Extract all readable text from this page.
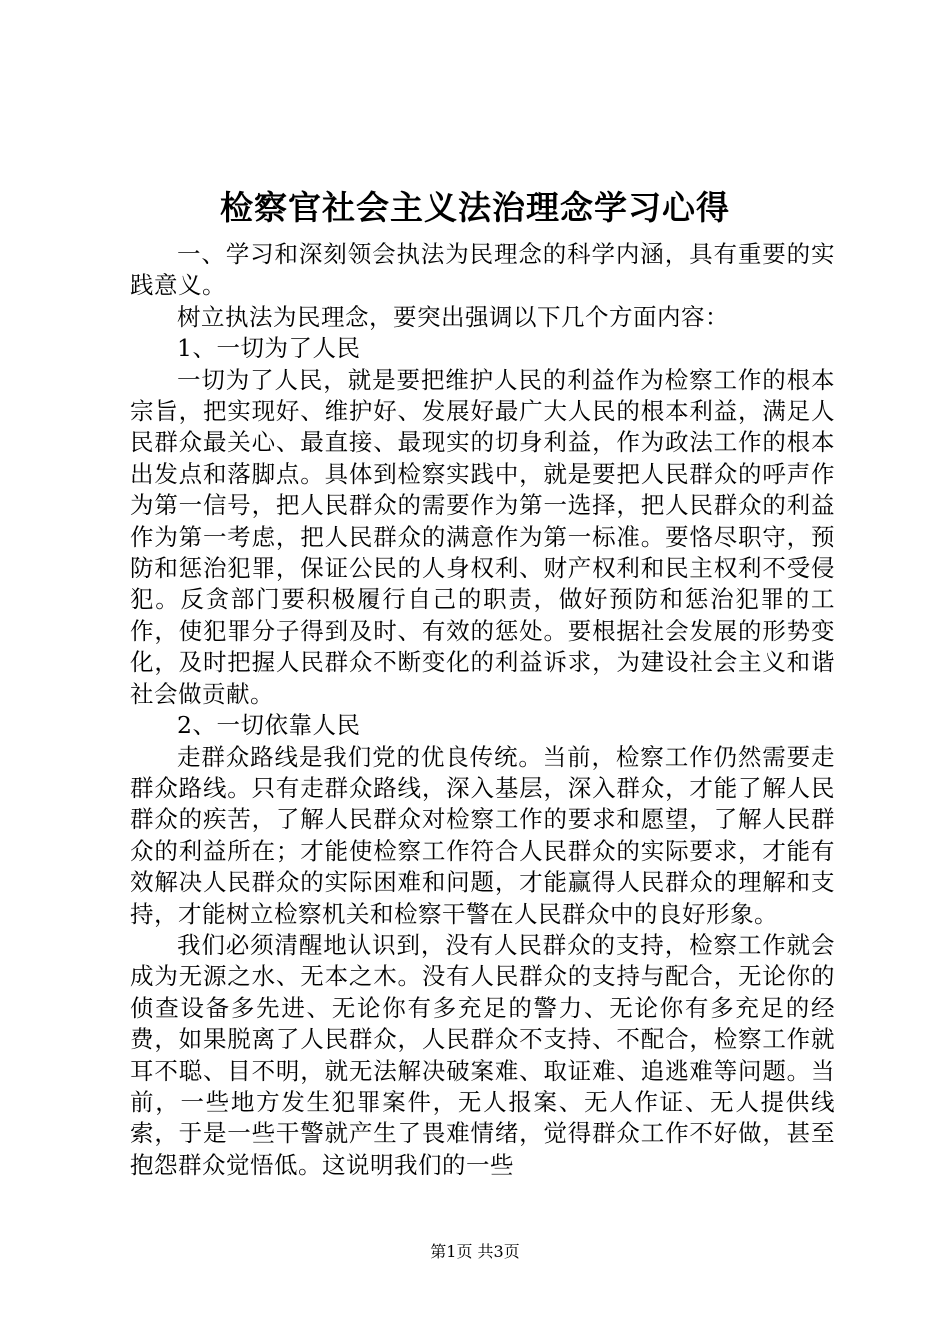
检察官社会主义法治理念学习心得

一、学习和深刻领会执法为民理念的科学内涵，具有重要的实践意义。

树立执法为民理念，要突出强调以下几个方面内容：

1、一切为了人民

一切为了人民，就是要把维护人民的利益作为检察工作的根本宗旨，把实现好、维护好、发展好最广大人民的根本利益，满足人民群众最关心、最直接、最现实的切身利益，作为政法工作的根本出发点和落脚点。具体到检察实践中，就是要把人民群众的呼声作为第一信号，把人民群众的需要作为第一选择，把人民群众的利益作为第一考虑，把人民群众的满意作为第一标准。要恪尽职守，预防和惩治犯罪，保证公民的人身权利、财产权利和民主权利不受侵犯。反贪部门要积极履行自己的职责，做好预防和惩治犯罪的工作，使犯罪分子得到及时、有效的惩处。要根据社会发展的形势变化，及时把握人民群众不断变化的利益诉求，为建设社会主义和谐社会做贡献。

2、一切依靠人民

走群众路线是我们党的优良传统。当前，检察工作仍然需要走群众路线。只有走群众路线，深入基层，深入群众，才能了解人民群众的疾苦，了解人民群众对检察工作的要求和愿望，了解人民群众的利益所在；才能使检察工作符合人民群众的实际要求，才能有效解决人民群众的实际困难和问题，才能赢得人民群众的理解和支持，才能树立检察机关和检察干警在人民群众中的良好形象。

我们必须清醒地认识到，没有人民群众的支持，检察工作就会成为无源之水、无本之木。没有人民群众的支持与配合，无论你的侦查设备多先进、无论你有多充足的警力、无论你有多充足的经费，如果脱离了人民群众，人民群众不支持、不配合，检察工作就耳不聪、目不明，就无法解决破案难、取证难、追逃难等问题。当前，一些地方发生犯罪案件，无人报案、无人作证、无人提供线索，于是一些干警就产生了畏难情绪，觉得群众工作不好做，甚至抱怨群众觉悟低。这说明我们的一些

第1页 共3页
